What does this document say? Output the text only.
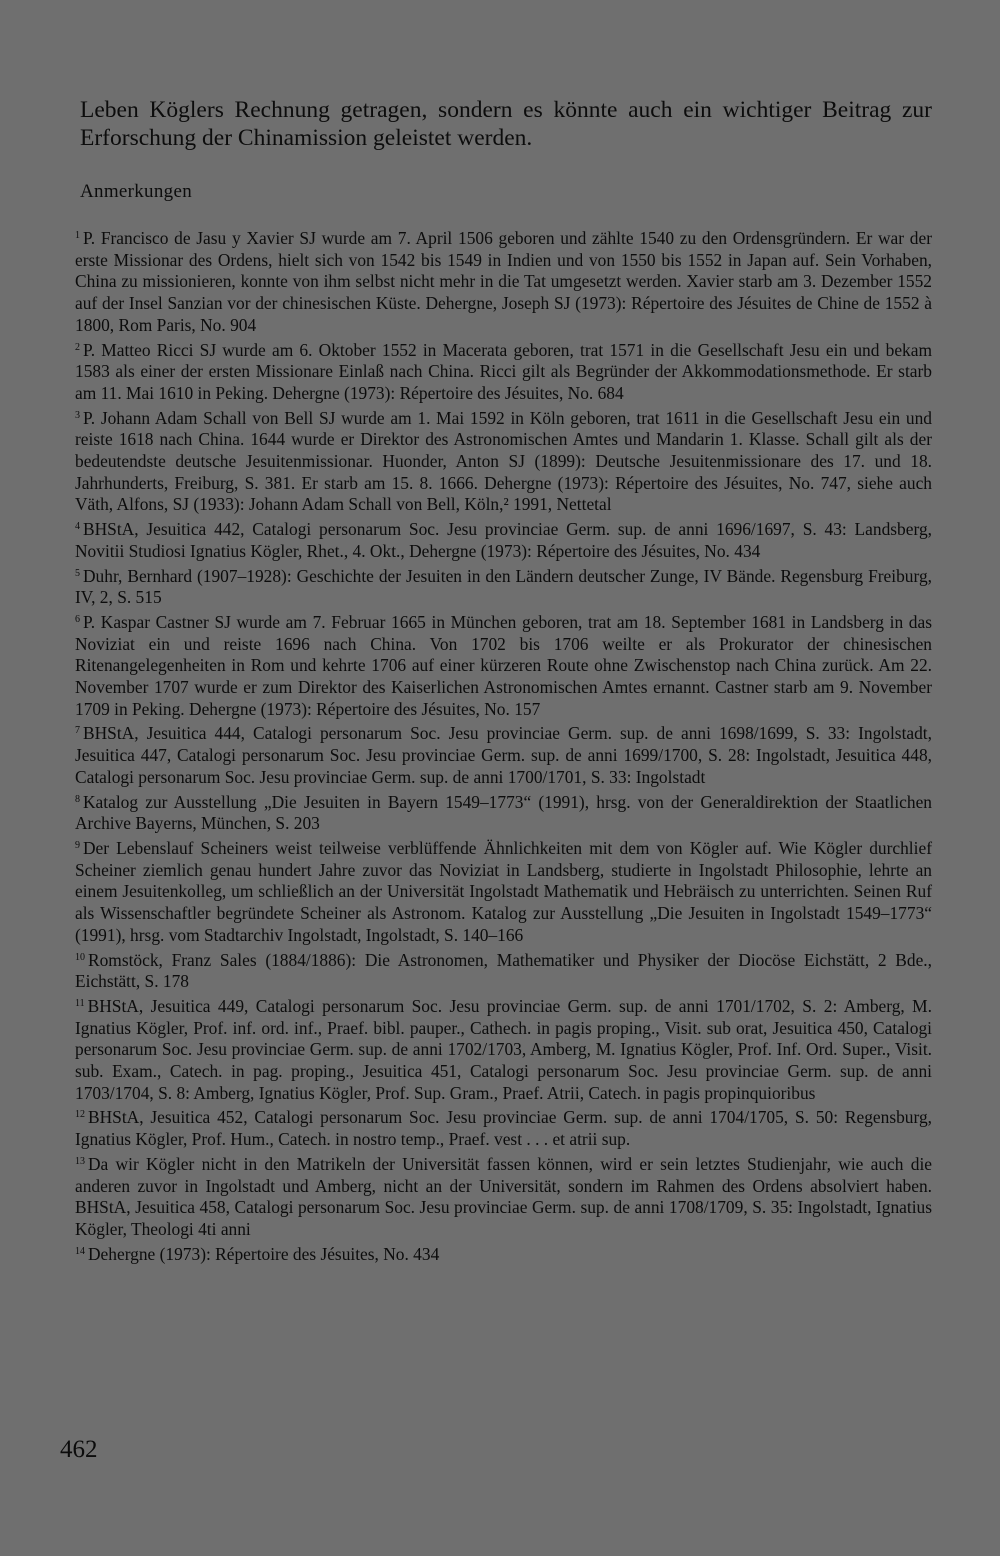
Leben Köglers Rechnung getragen, sondern es könnte auch ein wichtiger Beitrag zur Erforschung der Chinamission geleistet werden.

Anmerkungen

$^1$ P. Francisco de Jasu y Xavier SJ wurde am 7. April 1506 geboren und zählte 1540 zu den Ordensgründern. Er war der erste Missionar des Ordens, hielt sich von 1542 bis 1549 in Indien und von 1550 bis 1552 in Japan auf. Sein Vorhaben, China zu missionieren, konnte von ihm selbst nicht mehr in die Tat umgesetzt werden. Xavier starb am 3. Dezember 1552 auf der Insel Sanzian vor der chinesischen Küste. Dehergne, Joseph SJ (1973): Répertoire des Jésuites de Chine de 1552 à 1800, Rom Paris, No. 904

$^2$ P. Matteo Ricci SJ wurde am 6. Oktober 1552 in Macerata geboren, trat 1571 in die Gesellschaft Jesu ein und bekam 1583 als einer der ersten Missionare Einlaß nach China. Ricci gilt als Begründer der Akkommodationsmethode. Er starb am 11. Mai 1610 in Peking. Dehergne (1973): Répertoire des Jésuites, No. 684

$^3$ P. Johann Adam Schall von Bell SJ wurde am 1. Mai 1592 in Köln geboren, trat 1611 in die Gesellschaft Jesu ein und reiste 1618 nach China. 1644 wurde er Direktor des Astronomischen Amtes und Mandarin 1. Klasse. Schall gilt als der bedeutendste deutsche Jesuitenmissionar. Huonder, Anton SJ (1899): Deutsche Jesuitenmissionare des 17. und 18. Jahrhunderts, Freiburg, S. 381. Er starb am 15. 8. 1666. Dehergne (1973): Répertoire des Jésuites, No. 747, siehe auch Väth, Alfons, SJ (1933): Johann Adam Schall von Bell, Köln,² 1991, Nettetal

$^4$ BHStA, Jesuitica 442, Catalogi personarum Soc. Jesu provinciae Germ. sup. de anni 1696/1697, S. 43: Landsberg, Novitii Studiosi Ignatius Kögler, Rhet., 4. Okt., Dehergne (1973): Répertoire des Jésuites, No. 434

$^5$ Duhr, Bernhard (1907–1928): Geschichte der Jesuiten in den Ländern deutscher Zunge, IV Bände. Regensburg Freiburg, IV, 2, S. 515

$^6$ P. Kaspar Castner SJ wurde am 7. Februar 1665 in München geboren, trat am 18. September 1681 in Landsberg in das Noviziat ein und reiste 1696 nach China. Von 1702 bis 1706 weilte er als Prokurator der chinesischen Ritenangelegenheiten in Rom und kehrte 1706 auf einer kürzeren Route ohne Zwischenstop nach China zurück. Am 22. November 1707 wurde er zum Direktor des Kaiserlichen Astronomischen Amtes ernannt. Castner starb am 9. November 1709 in Peking. Dehergne (1973): Répertoire des Jésuites, No. 157

$^7$ BHStA, Jesuitica 444, Catalogi personarum Soc. Jesu provinciae Germ. sup. de anni 1698/1699, S. 33: Ingolstadt, Jesuitica 447, Catalogi personarum Soc. Jesu provinciae Germ. sup. de anni 1699/1700, S. 28: Ingolstadt, Jesuitica 448, Catalogi personarum Soc. Jesu provinciae Germ. sup. de anni 1700/1701, S. 33: Ingolstadt

$^8$ Katalog zur Ausstellung „Die Jesuiten in Bayern 1549–1773“ (1991), hrsg. von der Generaldirektion der Staatlichen Archive Bayerns, München, S. 203

$^9$ Der Lebenslauf Scheiners weist teilweise verblüffende Ähnlichkeiten mit dem von Kögler auf. Wie Kögler durchlief Scheiner ziemlich genau hundert Jahre zuvor das Noviziat in Landsberg, studierte in Ingolstadt Philosophie, lehrte an einem Jesuitenkolleg, um schließlich an der Universität Ingolstadt Mathematik und Hebräisch zu unterrichten. Seinen Ruf als Wissenschaftler begründete Scheiner als Astronom. Katalog zur Ausstellung „Die Jesuiten in Ingolstadt 1549–1773“ (1991), hrsg. vom Stadtarchiv Ingolstadt, Ingolstadt, S. 140–166

$^{10}$ Romstöck, Franz Sales (1884/1886): Die Astronomen, Mathematiker und Physiker der Diocöse Eichstätt, 2 Bde., Eichstätt, S. 178

$^{11}$ BHStA, Jesuitica 449, Catalogi personarum Soc. Jesu provinciae Germ. sup. de anni 1701/1702, S. 2: Amberg, M. Ignatius Kögler, Prof. inf. ord. inf., Praef. bibl. pauper., Cathech. in pagis proping., Visit. sub orat, Jesuitica 450, Catalogi personarum Soc. Jesu provinciae Germ. sup. de anni 1702/1703, Amberg, M. Ignatius Kögler, Prof. Inf. Ord. Super., Visit. sub. Exam., Catech. in pag. proping., Jesuitica 451, Catalogi personarum Soc. Jesu provinciae Germ. sup. de anni 1703/1704, S. 8: Amberg, Ignatius Kögler, Prof. Sup. Gram., Praef. Atrii, Catech. in pagis propinquioribus

$^{12}$ BHStA, Jesuitica 452, Catalogi personarum Soc. Jesu provinciae Germ. sup. de anni 1704/1705, S. 50: Regensburg, Ignatius Kögler, Prof. Hum., Catech. in nostro temp., Praef. vest . . . et atrii sup.

$^{13}$ Da wir Kögler nicht in den Matrikeln der Universität fassen können, wird er sein letztes Studienjahr, wie auch die anderen zuvor in Ingolstadt und Amberg, nicht an der Universität, sondern im Rahmen des Ordens absolviert haben. BHStA, Jesuitica 458, Catalogi personarum Soc. Jesu provinciae Germ. sup. de anni 1708/1709, S. 35: Ingolstadt, Ignatius Kögler, Theologi 4ti anni

$^{14}$ Dehergne (1973): Répertoire des Jésuites, No. 434

462
